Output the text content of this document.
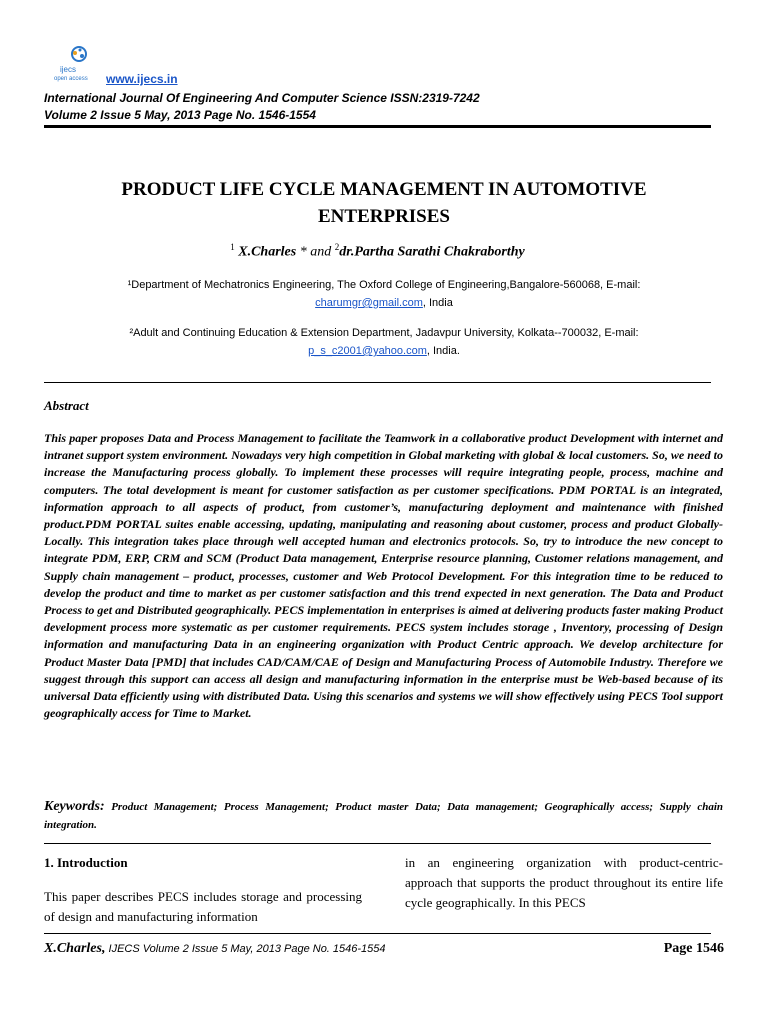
ijecs
open access www.ijecs.in
International Journal Of Engineering And Computer Science ISSN:2319-7242
Volume 2 Issue 5 May, 2013 Page No. 1546-1554
PRODUCT LIFE CYCLE MANAGEMENT IN AUTOMOTIVE
ENTERPRISES
$^1$ X.Charles * and $^2$dr.Partha Sarathi Chakraborthy
¹Department of Mechatronics Engineering, The Oxford College of Engineering,Bangalore-560068, E-mail:
charumgr@gmail.com, India
²Adult and Continuing Education & Extension Department, Jadavpur University, Kolkata--700032, E-mail:
p_s_c2001@yahoo.com, India.
Abstract
This paper proposes Data and Process Management to facilitate the Teamwork in a collaborative product Development with internet and intranet support system environment. Nowadays very high competition in Global marketing with global & local customers. So, we need to increase the Manufacturing process globally. To implement these processes will require integrating people, process, machine and computers. The total development is meant for customer satisfaction as per customer specifications. PDM PORTAL is an integrated, information approach to all aspects of product, from customer’s, manufacturing deployment and maintenance with finished product.PDM PORTAL suites enable accessing, updating, manipulating and reasoning about customer, process and product Globally-Locally. This integration takes place through well accepted human and electronics protocols. So, try to introduce the new concept to integrate PDM, ERP, CRM and SCM (Product Data management, Enterprise resource planning, Customer relations management, and Supply chain management – product, processes, customer and Web Protocol Development. For this integration time to be reduced to develop the product and time to market as per customer satisfaction and this trend expected in next generation. The Data and Product Process to get and Distributed geographically. PECS implementation in enterprises is aimed at delivering products faster making Product development process more systematic as per customer requirements. PECS system includes storage , Inventory, processing of Design information and manufacturing Data in an engineering organization with Product Centric approach. We develop architecture for Product Master Data [PMD] that includes CAD/CAM/CAE of Design and Manufacturing Process of Automobile Industry. Therefore we suggest through this support can access all design and manufacturing information in the enterprise must be Web-based because of its universal Data efficiently using with distributed Data. Using this scenarios and systems we will show effectively using PECS Tool support geographically access for Time to Market.
Keywords: Product Management; Process Management; Product master Data; Data management; Geographically access; Supply chain integration.
1. Introduction

This paper describes PECS includes storage and processing of design and manufacturing information

in an engineering organization with product-centric- approach that supports the product throughout its entire life cycle geographically. In this PECS
X.Charles, IJECS Volume 2 Issue 5 May, 2013 Page No. 1546-1554	Page 1546
